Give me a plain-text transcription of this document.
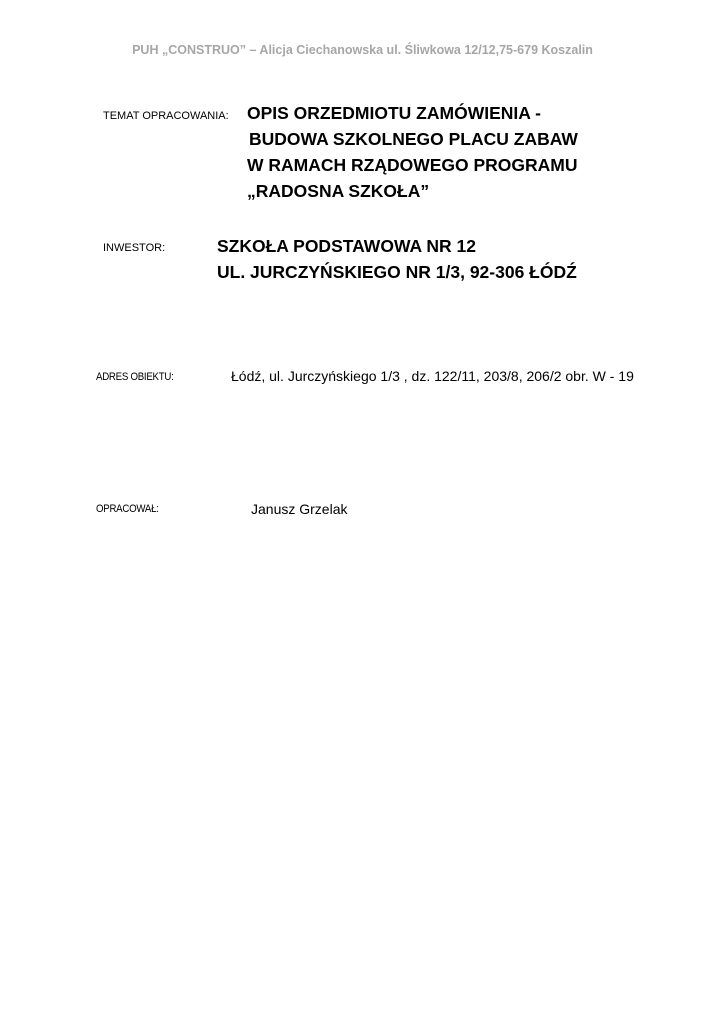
PUH „CONSTRUO” – Alicja Ciechanowska ul. Śliwkowa 12/12,75-679 Koszalin
TEMAT OPRACOWANIA: OPIS ORZEDMIOTU ZAMÓWIENIA -
BUDOWA SZKOLNEGO PLACU ZABAW
W RAMACH RZĄDOWEGO PROGRAMU
„RADOSNA SZKOŁA”
INWESTOR:	SZKOŁA PODSTAWOWA NR 12
UL. JURCZYŃSKIEGO NR 1/3, 92-306 ŁÓDŹ
ADRES OBIEKTU:	Łódź, ul. Jurczyńskiego 1/3 , dz. 122/11, 203/8, 206/2 obr. W - 19
OPRACOWAŁ:	Janusz Grzelak
